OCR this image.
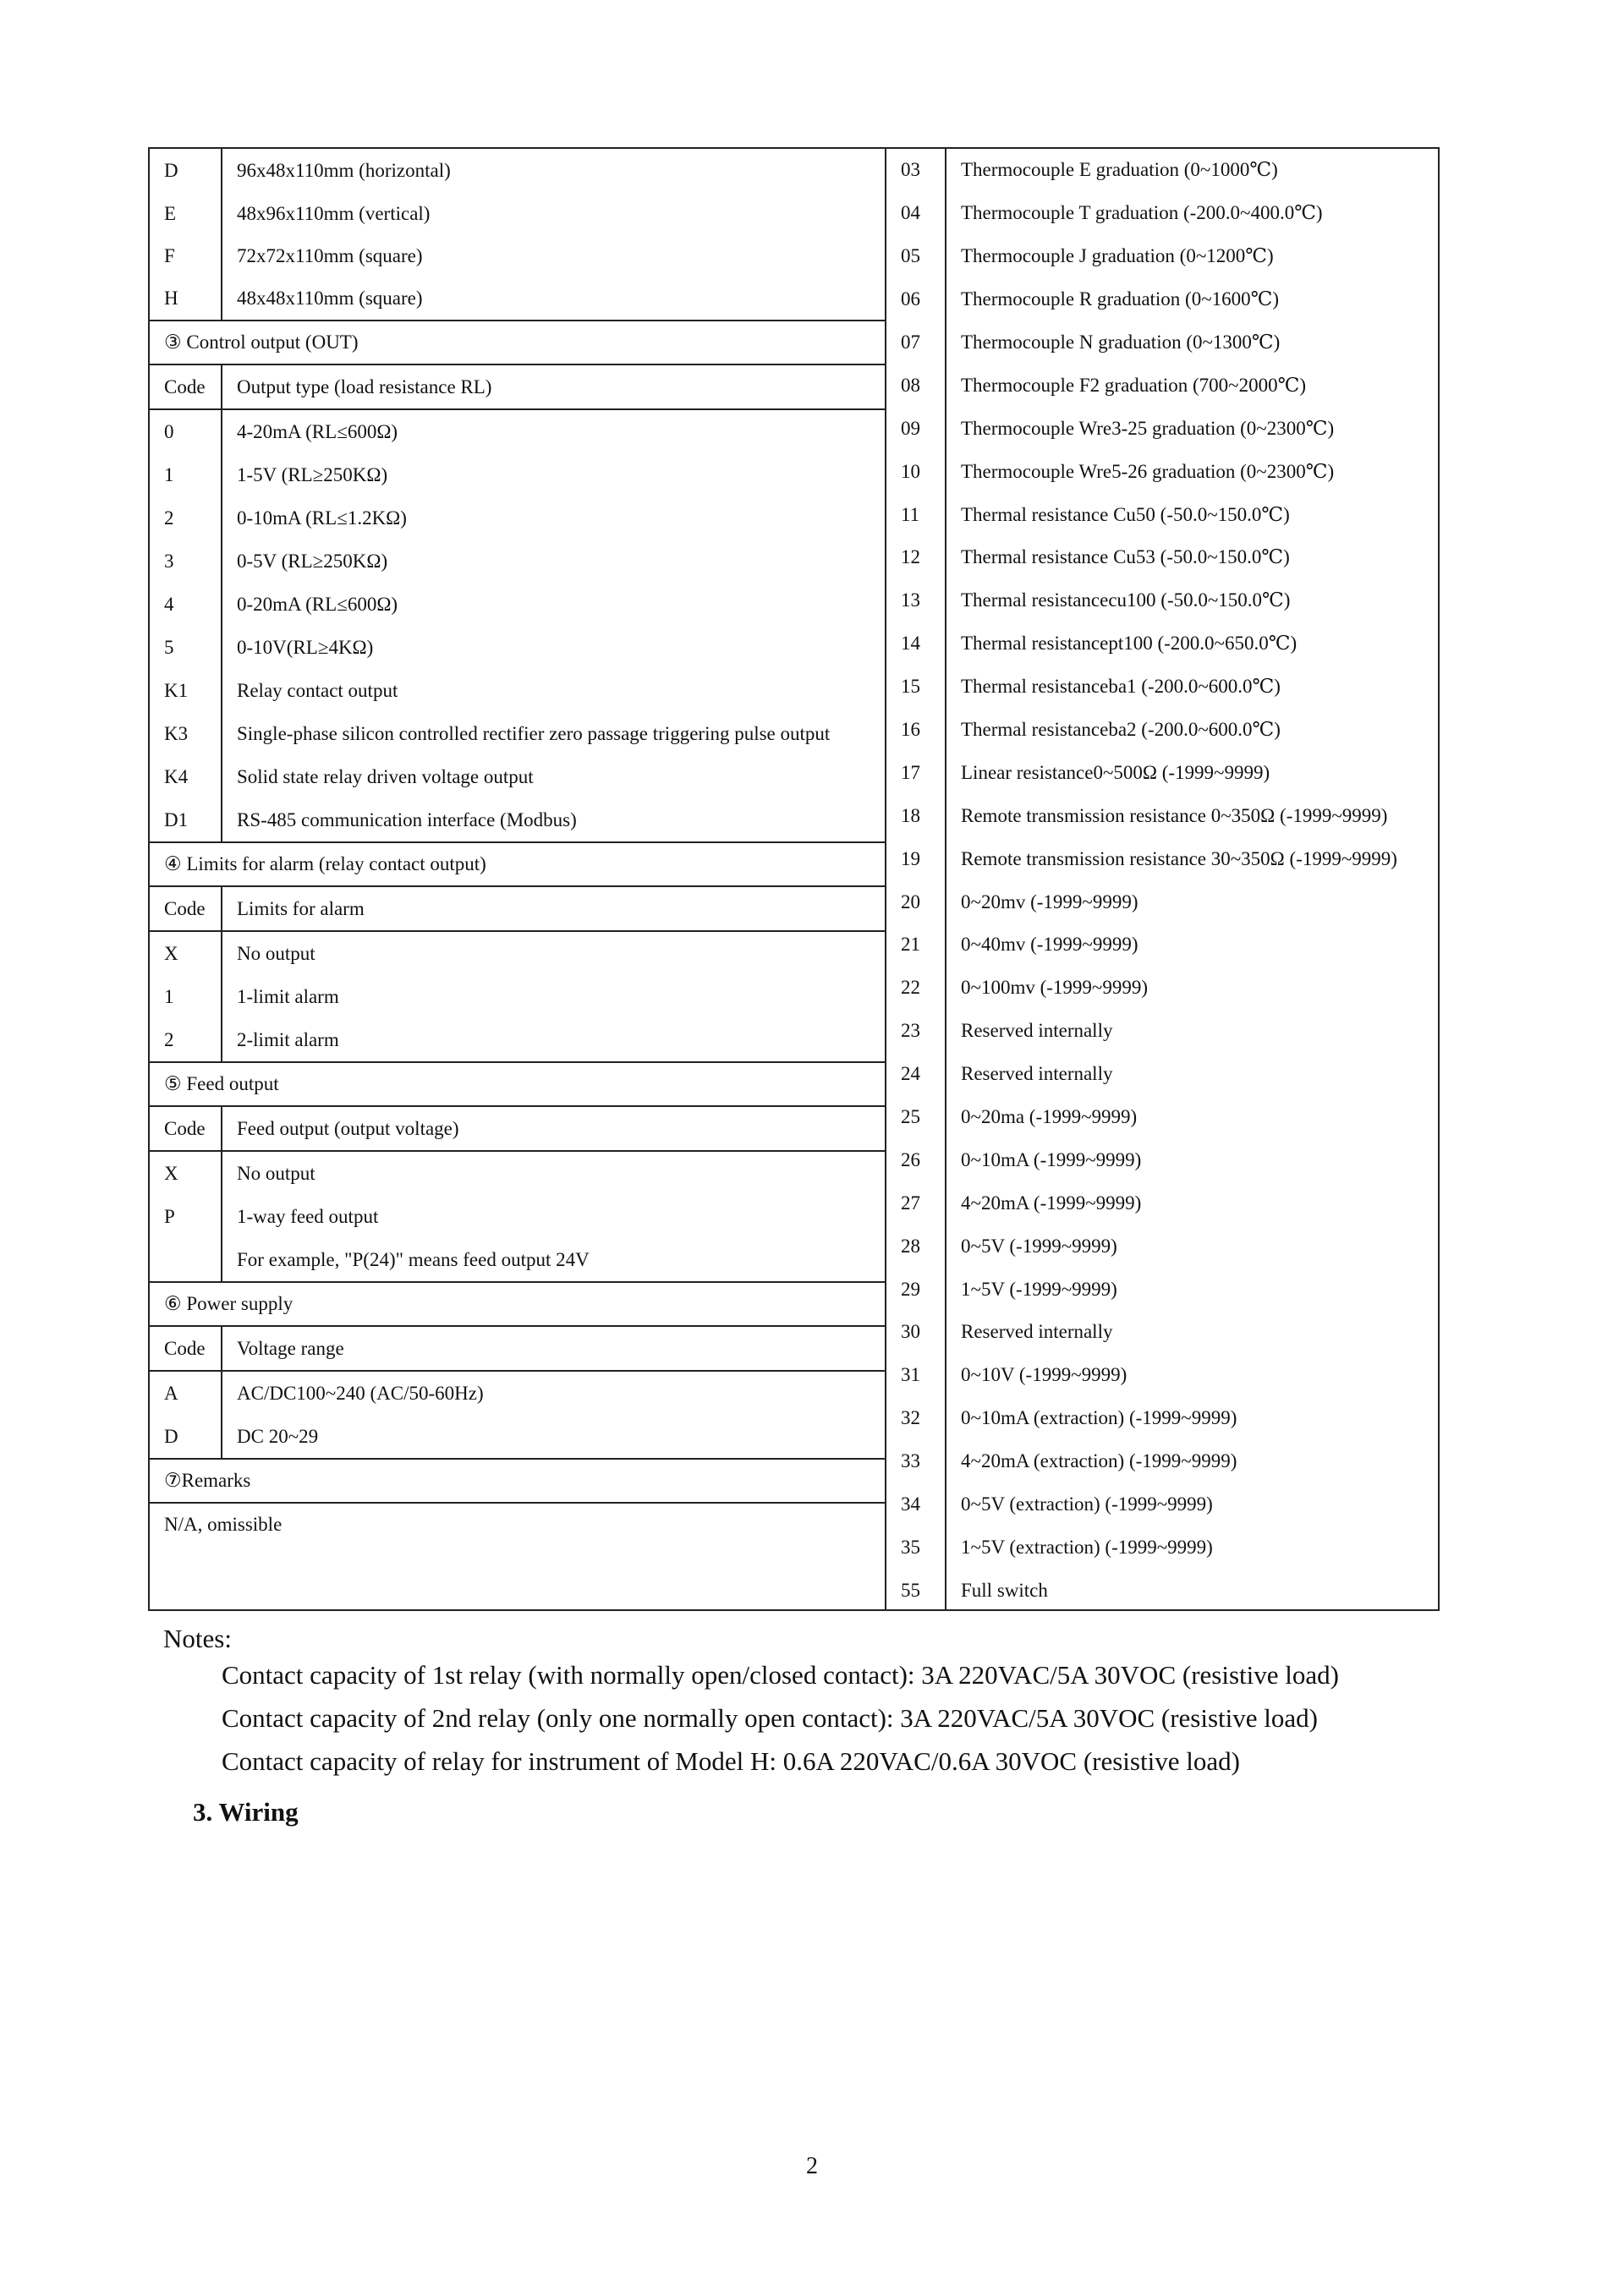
D	96x48x110mm (horizontal)
E	48x96x110mm (vertical)
F	72x72x110mm (square)
H	48x48x110mm (square)
③ Control output (OUT)
Code	Output type (load resistance RL)
0	4-20mA (RL≤600Ω)
1	1-5V (RL≥250KΩ)
2	0-10mA (RL≤1.2KΩ)
3	0-5V (RL≥250KΩ)
4	0-20mA (RL≤600Ω)
5	0-10V(RL≥4KΩ)
K1	Relay contact output
K3	Single-phase silicon controlled rectifier zero passage triggering pulse output
K4	Solid state relay driven voltage output
D1	RS-485 communication interface (Modbus)
④ Limits for alarm (relay contact output)
Code	Limits for alarm
X	No output
1	1-limit alarm
2	2-limit alarm
⑤ Feed output
Code	Feed output (output voltage)
X	No output
P	1-way feed output
For example, "P(24)" means feed output 24V
⑥ Power supply
Code	Voltage range
A	AC/DC100~240 (AC/50-60Hz)
D	DC 20~29
⑦Remarks
N/A, omissible
03	Thermocouple E graduation (0~1000℃)
04	Thermocouple T graduation (-200.0~400.0℃)
05	Thermocouple J graduation (0~1200℃)
06	Thermocouple R graduation (0~1600℃)
07	Thermocouple N graduation (0~1300℃)
08	Thermocouple F2 graduation (700~2000℃)
09	Thermocouple Wre3-25 graduation (0~2300℃)
10	Thermocouple Wre5-26 graduation (0~2300℃)
11	Thermal resistance Cu50 (-50.0~150.0℃)
12	Thermal resistance Cu53 (-50.0~150.0℃)
13	Thermal resistancecu100 (-50.0~150.0℃)
14	Thermal resistancept100 (-200.0~650.0℃)
15	Thermal resistanceba1 (-200.0~600.0℃)
16	Thermal resistanceba2 (-200.0~600.0℃)
17	Linear resistance0~500Ω (-1999~9999)
18	Remote transmission resistance 0~350Ω (-1999~9999)
19	Remote transmission resistance 30~350Ω (-1999~9999)
20	0~20mv (-1999~9999)
21	0~40mv (-1999~9999)
22	0~100mv (-1999~9999)
23	Reserved internally
24	Reserved internally
25	0~20ma (-1999~9999)
26	0~10mA (-1999~9999)
27	4~20mA (-1999~9999)
28	0~5V (-1999~9999)
29	1~5V (-1999~9999)
30	Reserved internally
31	0~10V (-1999~9999)
32	0~10mA (extraction) (-1999~9999)
33	4~20mA (extraction) (-1999~9999)
34	0~5V (extraction) (-1999~9999)
35	1~5V (extraction) (-1999~9999)
55	Full switch
Notes:
Contact capacity of 1st relay (with normally open/closed contact): 3A 220VAC/5A 30VOC (resistive load)
Contact capacity of 2nd relay (only one normally open contact): 3A 220VAC/5A 30VOC (resistive load)
Contact capacity of relay for instrument of Model H: 0.6A 220VAC/0.6A 30VOC (resistive load)
3. Wiring
2
